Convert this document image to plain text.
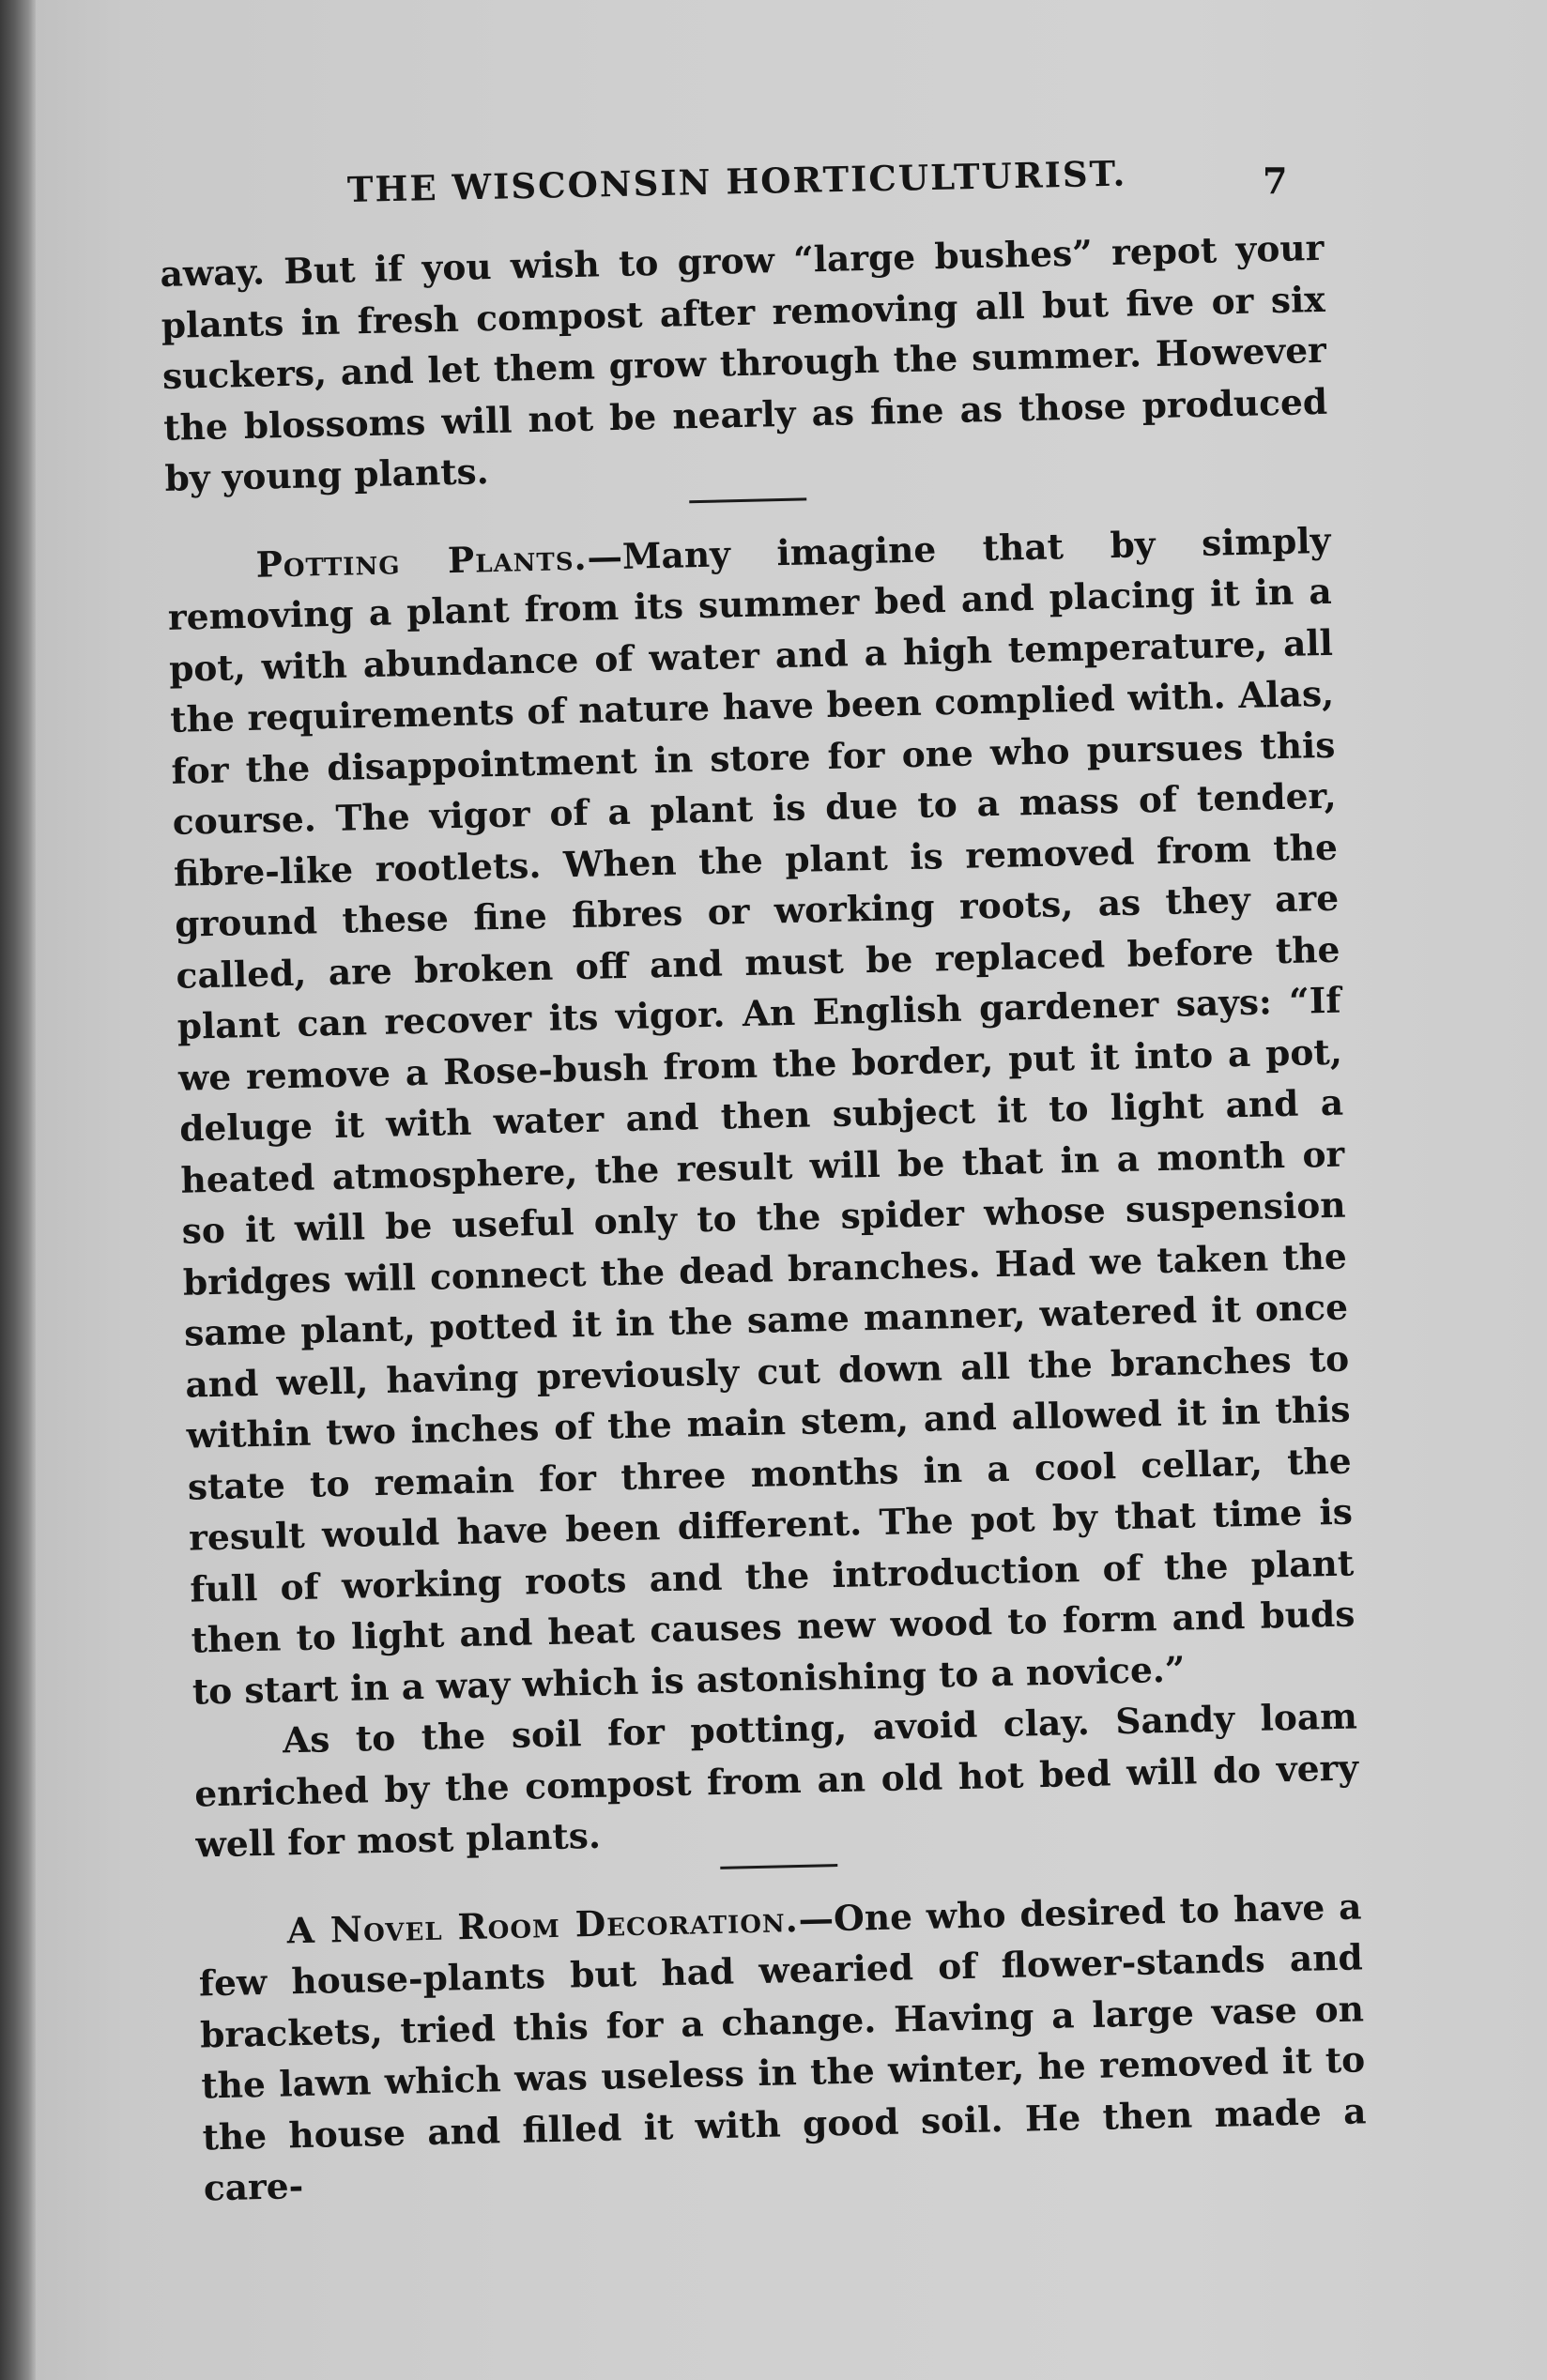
THE WISCONSIN HORTICULTURIST.	7

away. But if you wish to grow “large bushes” repot your plants in fresh compost after removing all but five or six suckers, and let them grow through the summer. However the blossoms will not be nearly as fine as those produced by young plants.

Potting Plants.—Many imagine that by simply removing a plant from its summer bed and placing it in a pot, with abundance of water and a high temperature, all the requirements of nature have been complied with. Alas, for the disappointment in store for one who pursues this course. The vigor of a plant is due to a mass of tender, fibre-like rootlets. When the plant is removed from the ground these fine fibres or working roots, as they are called, are broken off and must be replaced before the plant can recover its vigor. An English gardener says: “If we remove a Rose-bush from the border, put it into a pot, deluge it with water and then subject it to light and a heated atmosphere, the result will be that in a month or so it will be useful only to the spider whose suspension bridges will connect the dead branches. Had we taken the same plant, potted it in the same manner, watered it once and well, having previously cut down all the branches to within two inches of the main stem, and allowed it in this state to remain for three months in a cool cellar, the result would have been different. The pot by that time is full of working roots and the introduction of the plant then to light and heat causes new wood to form and buds to start in a way which is astonishing to a novice.”

As to the soil for potting, avoid clay. Sandy loam enriched by the compost from an old hot bed will do very well for most plants.

A Novel Room Decoration.—One who desired to have a few house-plants but had wearied of flower-stands and brackets, tried this for a change. Having a large vase on the lawn which was useless in the winter, he removed it to the house and filled it with good soil. He then made a care-
